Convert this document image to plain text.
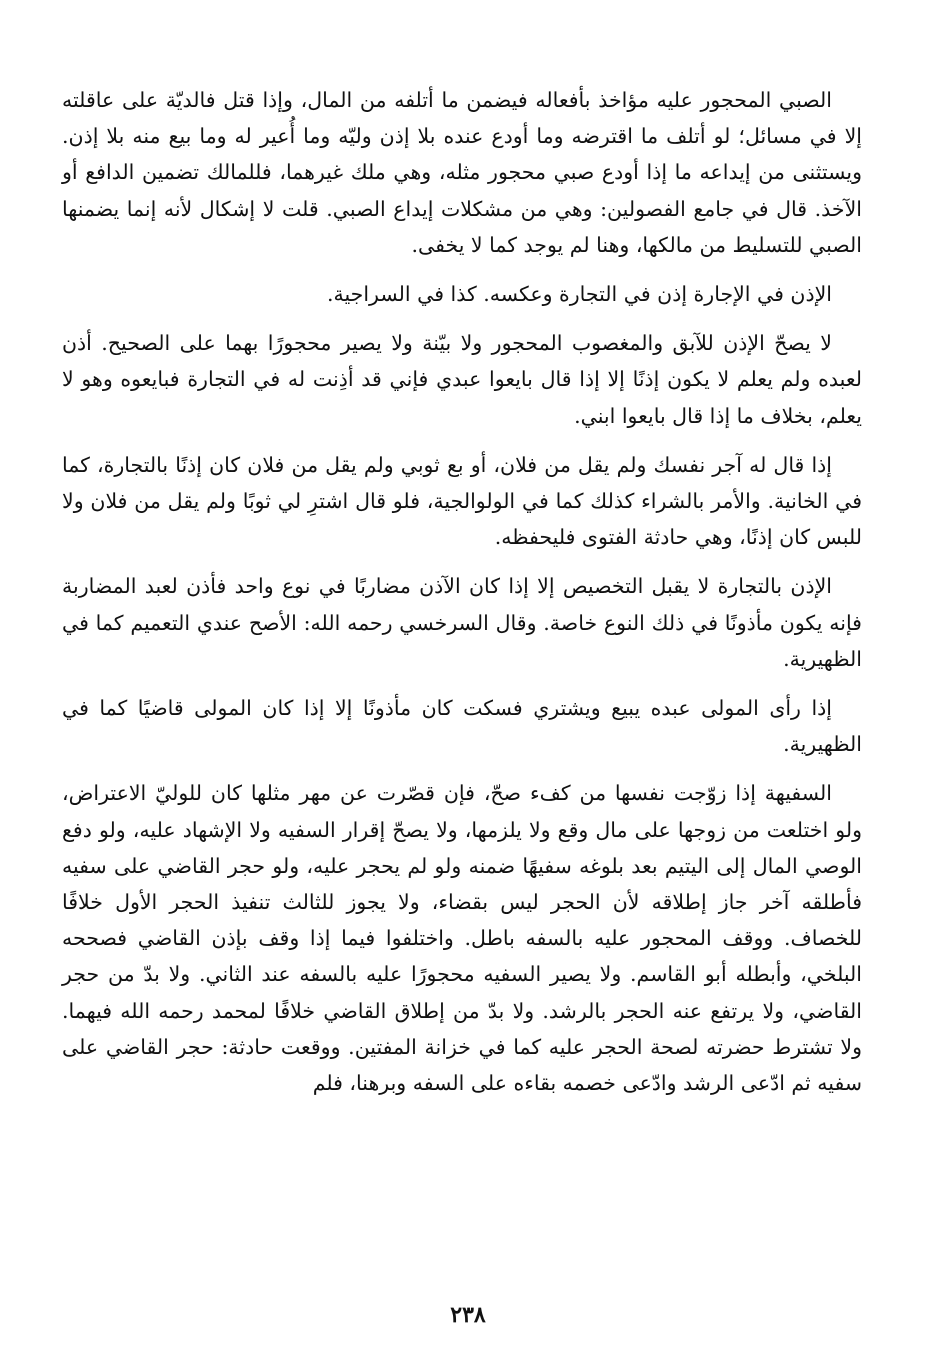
الصبي المحجور عليه مؤاخذ بأفعاله فيضمن ما أتلفه من المال، وإذا قتل فالديّة على عاقلته إلا في مسائل؛ لو أتلف ما اقترضه وما أودع عنده بلا إذن وليّه وما أُعير له وما بيع منه بلا إذن. ويستثنى من إيداعه ما إذا أودع صبي محجور مثله، وهي ملك غيرهما، فللمالك تضمين الدافع أو الآخذ. قال في جامع الفصولين: وهي من مشكلات إيداع الصبي. قلت لا إشكال لأنه إنما يضمنها الصبي للتسليط من مالكها، وهنا لم يوجد كما لا يخفى.

الإذن في الإجارة إذن في التجارة وعكسه. كذا في السراجية.

لا يصحّ الإذن للآبق والمغصوب المحجور ولا بيّنة ولا يصير محجورًا بهما على الصحيح. أذن لعبده ولم يعلم لا يكون إذنًا إلا إذا قال بايعوا عبدي فإني قد أذِنت له في التجارة فبايعوه وهو لا يعلم، بخلاف ما إذا قال بايعوا ابني.

إذا قال له آجر نفسك ولم يقل من فلان، أو بع ثوبي ولم يقل من فلان كان إذنًا بالتجارة، كما في الخانية. والأمر بالشراء كذلك كما في الولوالجية، فلو قال اشترِ لي ثوبًا ولم يقل من فلان ولا للبس كان إذنًا، وهي حادثة الفتوى فليحفظه.

الإذن بالتجارة لا يقبل التخصيص إلا إذا كان الآذن مضاربًا في نوع واحد فأذن لعبد المضاربة فإنه يكون مأذونًا في ذلك النوع خاصة. وقال السرخسي رحمه الله: الأصح عندي التعميم كما في الظهيرية.

إذا رأى المولى عبده يبيع ويشتري فسكت كان مأذونًا إلا إذا كان المولى قاضيًا كما في الظهيرية.

السفيهة إذا زوّجت نفسها من كفء صحّ، فإن قصّرت عن مهر مثلها كان للوليّ الاعتراض، ولو اختلعت من زوجها على مال وقع ولا يلزمها، ولا يصحّ إقرار السفيه ولا الإشهاد عليه، ولو دفع الوصي المال إلى اليتيم بعد بلوغه سفيهًا ضمنه ولو لم يحجر عليه، ولو حجر القاضي على سفيه فأطلقه آخر جاز إطلاقه لأن الحجر ليس بقضاء، ولا يجوز للثالث تنفيذ الحجر الأول خلافًا للخصاف. ووقف المحجور عليه بالسفه باطل. واختلفوا فيما إذا وقف بإذن القاضي فصححه البلخي، وأبطله أبو القاسم. ولا يصير السفيه محجورًا عليه بالسفه عند الثاني. ولا بدّ من حجر القاضي، ولا يرتفع عنه الحجر بالرشد. ولا بدّ من إطلاق القاضي خلافًا لمحمد رحمه الله فيهما. ولا تشترط حضرته لصحة الحجر عليه كما في خزانة المفتين. ووقعت حادثة: حجر القاضي على سفيه ثم ادّعى الرشد وادّعى خصمه بقاءه على السفه وبرهنا، فلم

٢٣٨
